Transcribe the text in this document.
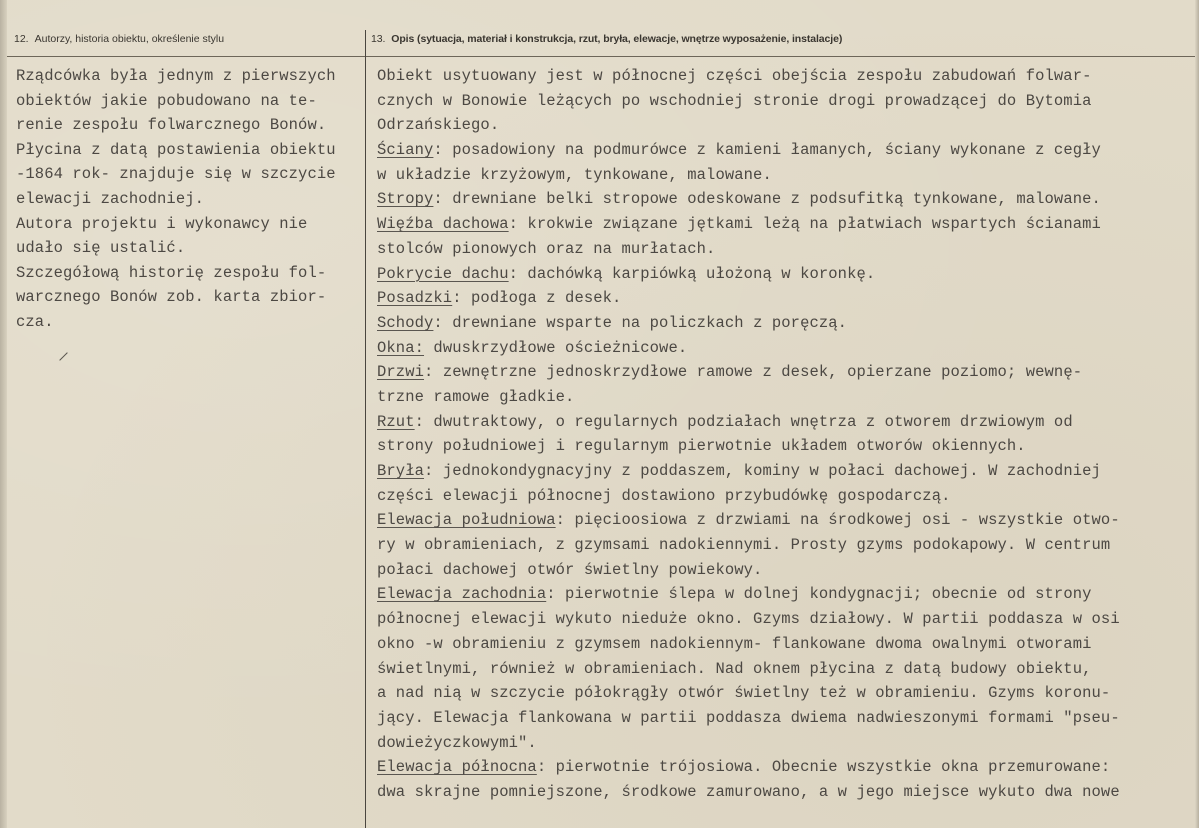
12. Autorzy, historia obiektu, określenie stylu	13. Opis (sytuacja, materiał i konstrukcja, rzut, bryła, elewacje, wnętrze wyposażenie, instalacje)
Rządcówka była jednym z pierwszych
obiektów jakie pobudowano na te-
renie zespołu folwarcznego Bonów.
Płycina z datą postawienia obiektu
-1864 rok- znajduje się w szczycie
elewacji zachodniej.
Autora projektu i wykonawcy nie
udało się ustalić.
Szczegółową historię zespołu fol-
warcznego Bonów zob. karta zbior-
cza.
Obiekt usytuowany jest w północnej części obejścia zespołu zabudowań folwar-
cznych w Bonowie leżących po wschodniej stronie drogi prowadzącej do Bytomia
Odrzańskiego.
Ściany: posadowiony na podmurówce z kamieni łamanych, ściany wykonane z cegły
w układzie krzyżowym, tynkowane, malowane.
Stropy: drewniane belki stropowe odeskowane z podsufitką tynkowane, malowane.
Więźba dachowa: krokwie związane jętkami leżą na płatwiach wspartych ścianami
stolców pionowych oraz na murłatach.
Pokrycie dachu: dachówką karpiówką ułożoną w koronkę.
Posadzki: podłoga z desek.
Schody: drewniane wsparte na policzkach z poręczą.
Okna: dwuskrzydłowe ościeżnicowe.
Drzwi: zewnętrzne jednoskrzydłowe ramowe z desek, opierzane poziomo; wewnę-
trzne ramowe gładkie.
Rzut: dwutraktowy, o regularnych podziałach wnętrza z otworem drzwiowym od
strony południowej i regularnym pierwotnie układem otworów okiennych.
Bryła: jednokondygnacyjny z poddaszem, kominy w połaci dachowej. W zachodniej
części elewacji północnej dostawiono przybudówkę gospodarczą.
Elewacja południowa: pięcioosiowa z drzwiami na środkowej osi - wszystkie otwo-
ry w obramieniach, z gzymsami nadokiennymi. Prosty gzyms podokapowy. W centrum
połaci dachowej otwór świetlny powiekowy.
Elewacja zachodnia: pierwotnie ślepa w dolnej kondygnacji; obecnie od strony
północnej elewacji wykuto nieduże okno. Gzyms działowy. W partii poddasza w osi
okno -w obramieniu z gzymsem nadokiennym- flankowane dwoma owalnymi otworami
świetlnymi, również w obramieniach. Nad oknem płycina z datą budowy obiektu,
a nad nią w szczycie półokrągły otwór świetlny też w obramieniu. Gzyms koronu-
jący. Elewacja flankowana w partii poddasza dwiema nadwieszonymi formami "pseu-
dowieżyczkowymi".
Elewacja północna: pierwotnie trójosiowa. Obecnie wszystkie okna przemurowane:
dwa skrajne pomniejszone, środkowe zamurowano, a w jego miejsce wykuto dwa nowe
